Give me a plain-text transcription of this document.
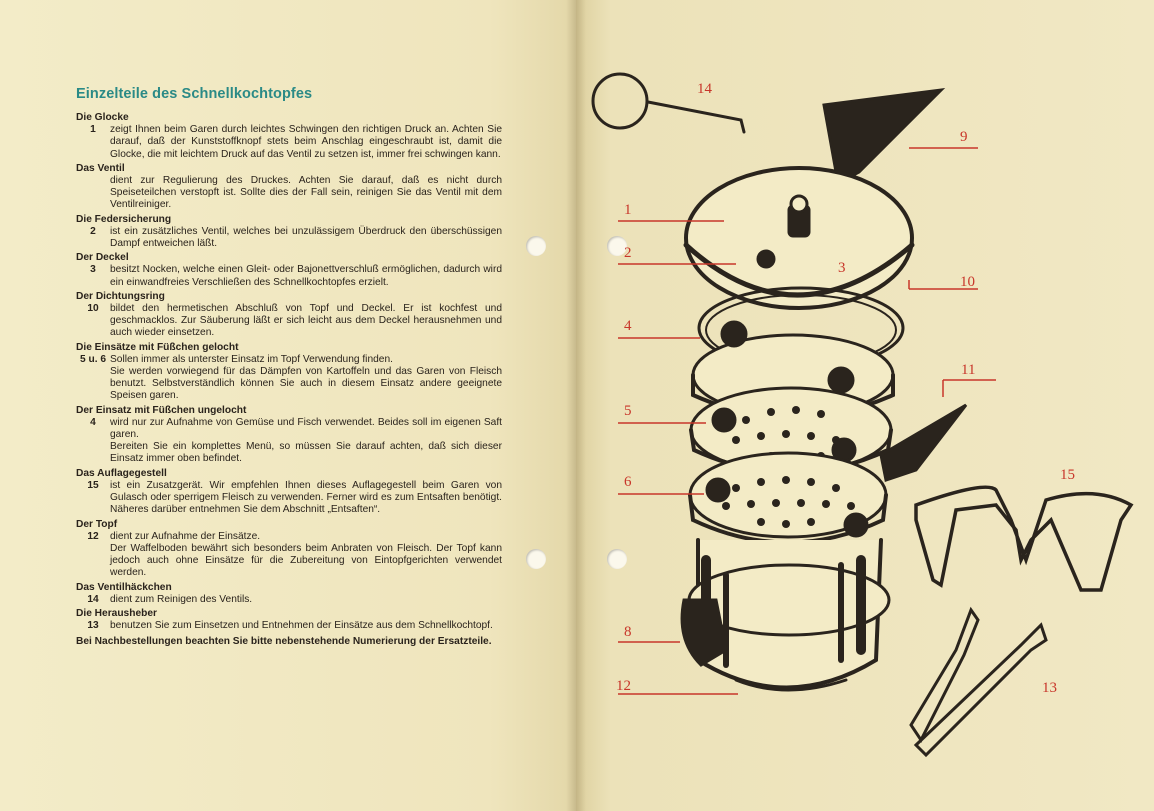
Einzelteile des Schnellkochtopfes
Die Glocke
1	zeigt Ihnen beim Garen durch leichtes Schwingen den richtigen Druck an. Achten Sie darauf, daß der Kunststoffknopf stets beim Anschlag eingeschraubt ist, damit die Glocke, die mit leichtem Druck auf das Ventil zu setzen ist, immer frei schwingen kann.

Das Ventil

dient zur Regulierung des Druckes. Achten Sie darauf, daß es nicht durch Speiseteilchen verstopft ist. Sollte dies der Fall sein, reinigen Sie das Ventil mit dem Ventilreiniger.

Die Federsicherung
2	ist ein zusätzliches Ventil, welches bei unzulässigem Überdruck den überschüssigen Dampf entweichen läßt.

Der Deckel
3	besitzt Nocken, welche einen Gleit- oder Bajonettverschluß ermöglichen, dadurch wird ein einwandfreies Verschließen des Schnellkochtopfes erzielt.

Der Dichtungsring
10	bildet den hermetischen Abschluß von Topf und Deckel. Er ist kochfest und geschmacklos. Zur Säuberung läßt er sich leicht aus dem Deckel herausnehmen und auch wieder einsetzen.

Die Einsätze mit Füßchen gelocht
5 u. 6 Sollen immer als unterster Einsatz im Topf Verwendung finden.

Sie werden vorwiegend für das Dämpfen von Kartoffeln und das Garen von Fleisch benutzt. Selbstverständlich können Sie auch in diesem Einsatz andere geeignete Speisen garen.

Der Einsatz mit Füßchen ungelocht
4	wird nur zur Aufnahme von Gemüse und Fisch verwendet. Beides soll im eigenen Saft garen.

Bereiten Sie ein komplettes Menü, so müssen Sie darauf achten, daß sich dieser Einsatz immer oben befindet.

Das Auflagegestell
15	ist ein Zusatzgerät. Wir empfehlen Ihnen dieses Auflagegestell beim Garen von Gulasch oder sperrigem Fleisch zu verwenden. Ferner wird es zum Entsaften benötigt. Näheres darüber entnehmen Sie dem Abschnitt „Entsaften“.

Der Topf
12	dient zur Aufnahme der Einsätze.

Der Waffelboden bewährt sich besonders beim Anbraten von Fleisch. Der Topf kann jedoch auch ohne Einsätze für die Zubereitung von Eintopfgerichten verwendet werden.

Das Ventilhäckchen
14	dient zum Reinigen des Ventils.

Die Herausheber
13	benutzen Sie zum Einsetzen und Entnehmen der Einsätze aus dem Schnellkochtopf.

Bei Nachbestellungen beachten Sie bitte nebenstehende Numerierung der Ersatzteile.
1
2
3
4
5
6
8
9
10
11
12	13
14
15
